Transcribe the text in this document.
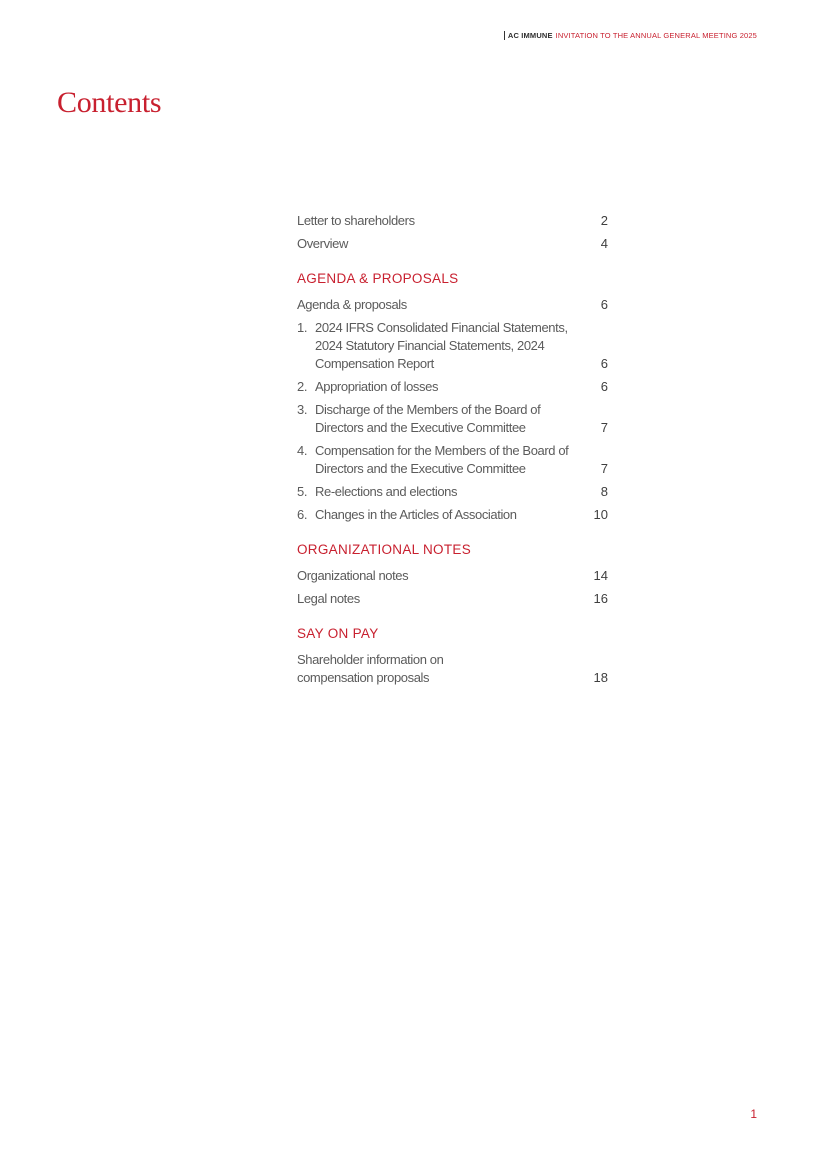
AC IMMUNE INVITATION TO THE ANNUAL GENERAL MEETING 2025
Contents
Letter to shareholders	2
Overview	4
AGENDA & PROPOSALS
Agenda & proposals	6
1. 2024 IFRS Consolidated Financial Statements, 2024 Statutory Financial Statements, 2024 Compensation Report	6
2. Appropriation of losses	6
3. Discharge of the Members of the Board of Directors and the Executive Committee	7
4. Compensation for the Members of the Board of Directors and the Executive Committee	7
5. Re-elections and elections	8
6. Changes in the Articles of Association	10
ORGANIZATIONAL NOTES
Organizational notes	14
Legal notes	16
SAY ON PAY
Shareholder information on compensation proposals	18
1
